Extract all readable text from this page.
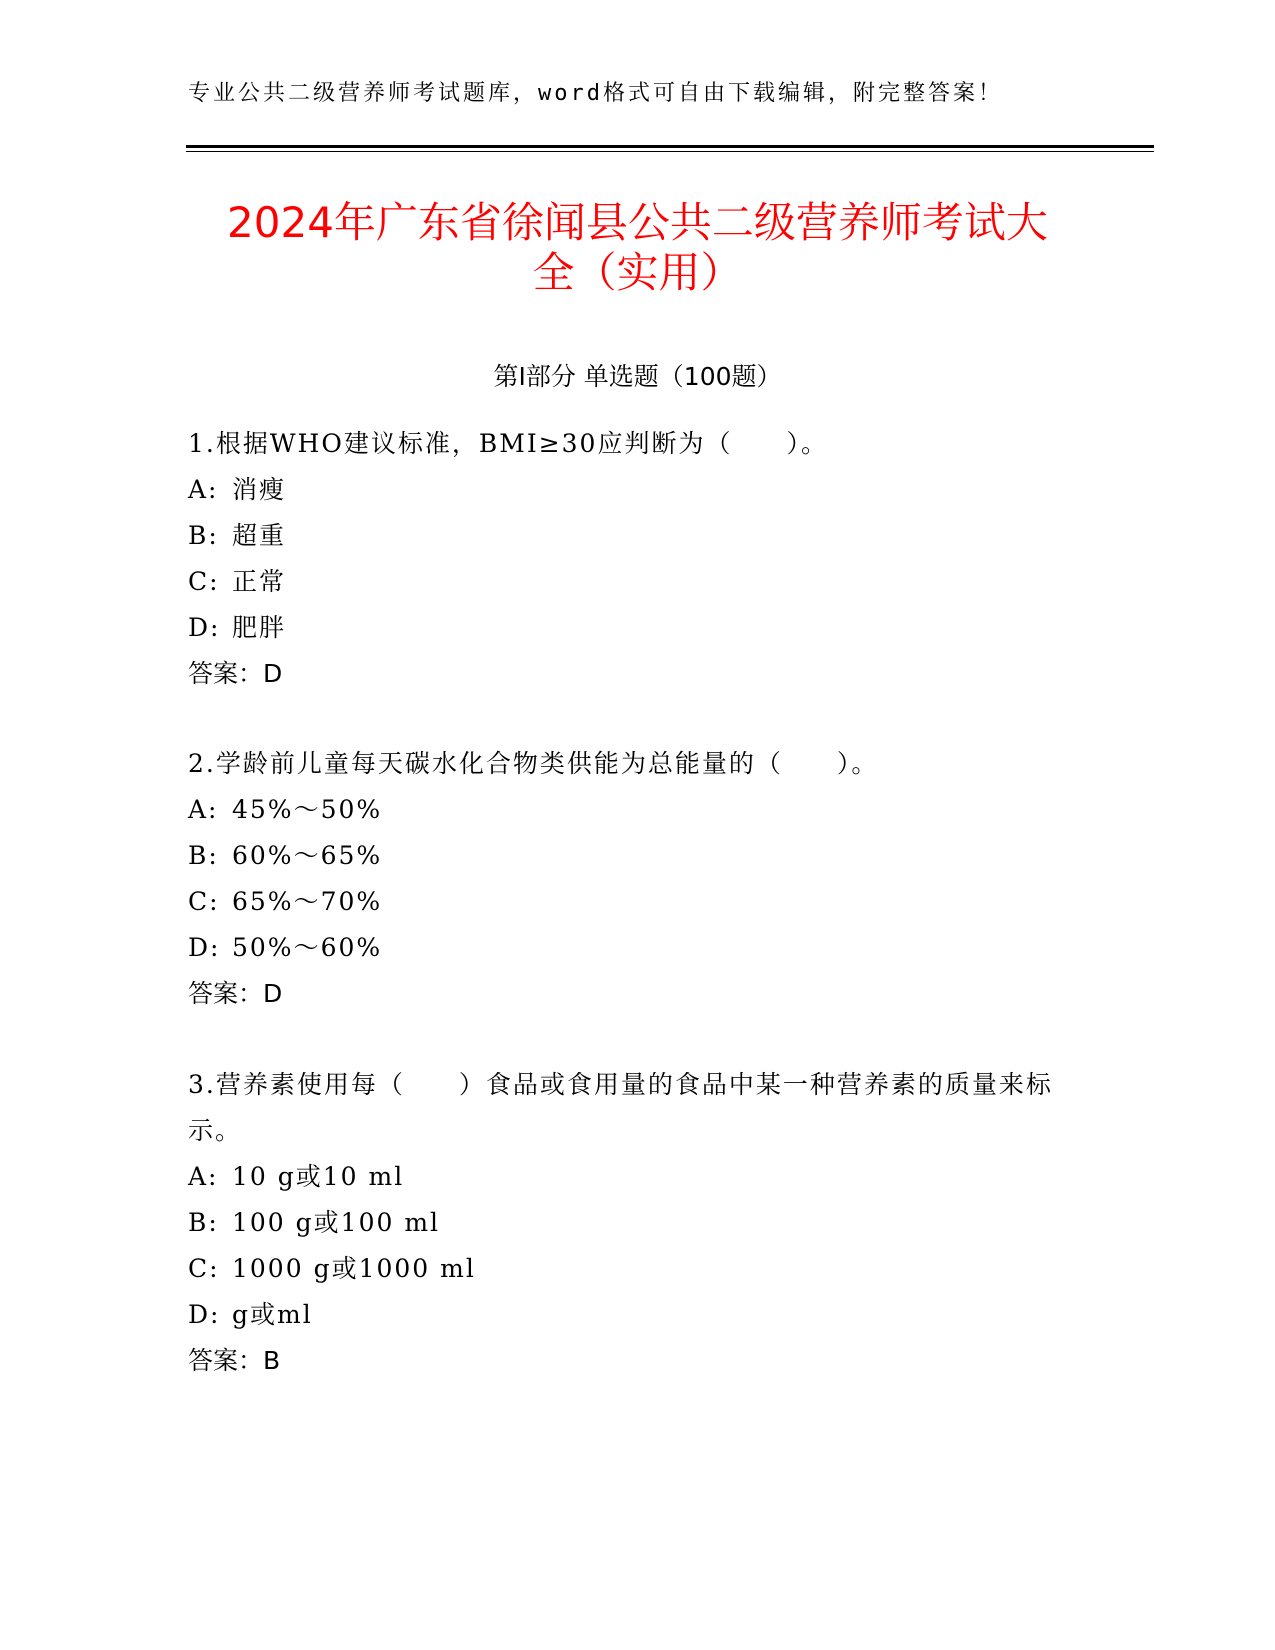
专业公共二级营养师考试题库，word格式可自由下载编辑，附完整答案！
2024年广东省徐闻县公共二级营养师考试大
全（实用）
第Ⅰ部分 单选题（100题）
1.根据WHO建议标准，BMI≥30应判断为（　　）。
A: 消瘦
B: 超重
C: 正常
D: 肥胖
答案：D
2.学龄前儿童每天碳水化合物类供能为总能量的（　　）。
A: 45%～50%
B: 60%～65%
C: 65%～70%
D: 50%～60%
答案：D
3.营养素使用每（　　）食品或食用量的食品中某一种营养素的质量来标示。
A: 10 g或10 ml
B: 100 g或100 ml
C: 1000 g或1000 ml
D: g或ml
答案：B
